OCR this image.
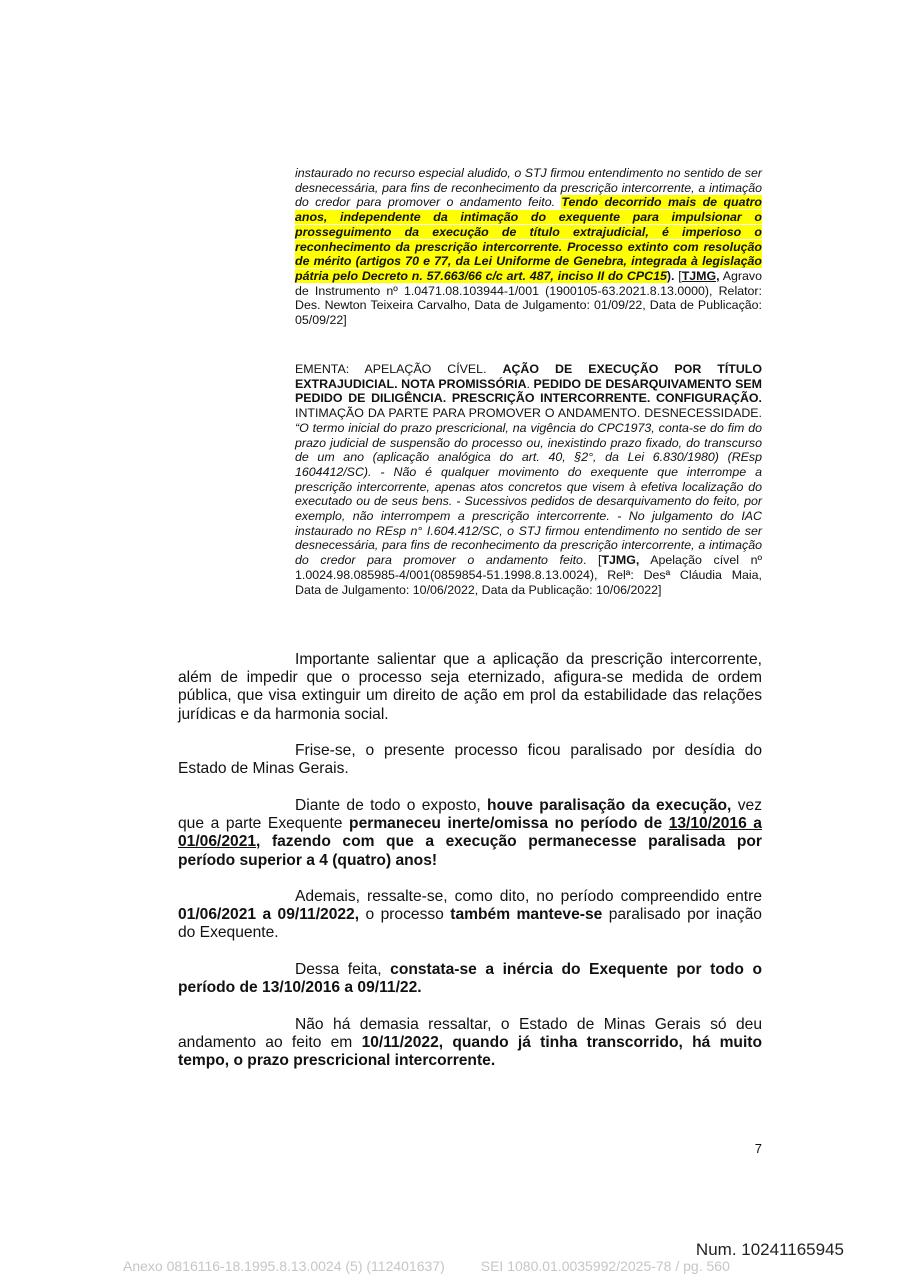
instaurado no recurso especial aludido, o STJ firmou entendimento no sentido de ser desnecessária, para fins de reconhecimento da prescrição intercorrente, a intimação do credor para promover o andamento feito. Tendo decorrido mais de quatro anos, independente da intimação do exequente para impulsionar o prosseguimento da execução de título extrajudicial, é imperioso o reconhecimento da prescrição intercorrente. Processo extinto com resolução de mérito (artigos 70 e 77, da Lei Uniforme de Genebra, integrada à legislação pátria pelo Decreto n. 57.663/66 c/c art. 487, inciso II do CPC15). [TJMG, Agravo de Instrumento nº 1.0471.08.103944-1/001 (1900105-63.2021.8.13.0000), Relator: Des. Newton Teixeira Carvalho, Data de Julgamento: 01/09/22, Data de Publicação: 05/09/22]
EMENTA: APELAÇÃO CÍVEL. AÇÃO DE EXECUÇÃO POR TÍTULO EXTRAJUDICIAL. NOTA PROMISSÓRIA. PEDIDO DE DESARQUIVAMENTO SEM PEDIDO DE DILIGÊNCIA. PRESCRIÇÃO INTERCORRENTE. CONFIGURAÇÃO. INTIMAÇÃO DA PARTE PARA PROMOVER O ANDAMENTO. DESNECESSIDADE. “O termo inicial do prazo prescricional, na vigência do CPC1973, conta-se do fim do prazo judicial de suspensão do processo ou, inexistindo prazo fixado, do transcurso de um ano (aplicação analógica do art. 40, §2°, da Lei 6.830/1980) (REsp 1604412/SC). - Não é qualquer movimento do exequente que interrompe a prescrição intercorrente, apenas atos concretos que visem à efetiva localização do executado ou de seus bens. - Sucessivos pedidos de desarquivamento do feito, por exemplo, não interrompem a prescrição intercorrente. - No julgamento do IAC instaurado no REsp n° I.604.412/SC, o STJ firmou entendimento no sentido de ser desnecessária, para fins de reconhecimento da prescrição intercorrente, a intimação do credor para promover o andamento feito. [TJMG, Apelação cível nº 1.0024.98.085985-4/001(0859854-51.1998.8.13.0024), Relª: Desª Cláudia Maia, Data de Julgamento: 10/06/2022, Data da Publicação: 10/06/2022]

Importante salientar que a aplicação da prescrição intercorrente, além de impedir que o processo seja eternizado, afigura-se medida de ordem pública, que visa extinguir um direito de ação em prol da estabilidade das relações jurídicas e da harmonia social.

Frise-se, o presente processo ficou paralisado por desídia do Estado de Minas Gerais.

Diante de todo o exposto, houve paralisação da execução, vez que a parte Exequente permaneceu inerte/omissa no período de 13/10/2016 a 01/06/2021, fazendo com que a execução permanecesse paralisada por período superior a 4 (quatro) anos!

Ademais, ressalte-se, como dito, no período compreendido entre 01/06/2021 a 09/11/2022, o processo também manteve-se paralisado por inação do Exequente.

Dessa feita, constata-se a inércia do Exequente por todo o período de 13/10/2016 a 09/11/22.

Não há demasia ressaltar, o Estado de Minas Gerais só deu andamento ao feito em 10/11/2022, quando já tinha transcorrido, há muito tempo, o prazo prescricional intercorrente.

7
Num. 10241165945
Anexo 0816116-18.1995.8.13.0024 (5) (112401637)	SEI 1080.01.0035992/2025-78 / pg. 560
